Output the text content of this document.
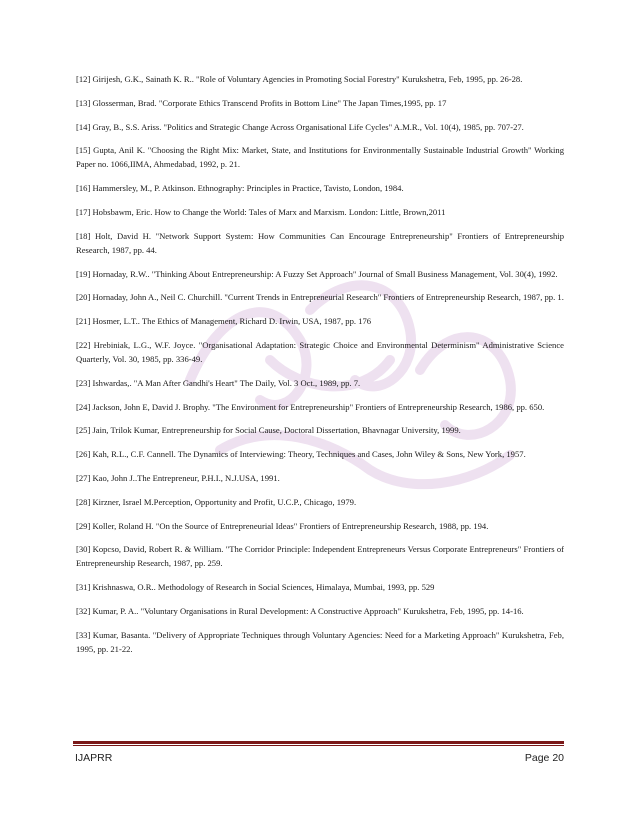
[12] Girijesh, G.K., Sainath K. R.. "Role of Voluntary Agencies in Promoting Social Forestry" Kurukshetra, Feb, 1995, pp. 26-28.

[13] Glosserman, Brad. "Corporate Ethics Transcend Profits in Bottom Line" The Japan Times,1995, pp. 17

[14] Gray, B., S.S. Ariss. "Politics and Strategic Change Across Organisational Life Cycles" A.M.R., Vol. 10(4), 1985, pp. 707-27.

[15] Gupta, Anil K. "Choosing the Right Mix: Market, State, and Institutions for Environmentally Sustainable Industrial Growth" Working Paper no. 1066,IIMA, Ahmedabad, 1992, p. 21.

[16] Hammersley, M., P. Atkinson. Ethnography: Principles in Practice, Tavisto, London, 1984.

[17] Hobsbawm, Eric. How to Change the World: Tales of Marx and Marxism. London: Little, Brown,2011

[18] Holt, David H. "Network Support System: How Communities Can Encourage Entrepreneurship" Frontiers of Entrepreneurship Research, 1987, pp. 44.

[19] Hornaday, R.W.. "Thinking About Entrepreneurship: A Fuzzy Set Approach" Journal of Small Business Management, Vol. 30(4), 1992.

[20] Hornaday, John A., Neil C. Churchill. "Current Trends in Entrepreneurial Research" Frontiers of Entrepreneurship Research, 1987, pp. 1.

[21] Hosmer, L.T.. The Ethics of Management, Richard D. Irwin, USA, 1987, pp. 176

[22] Hrebiniak, L.G., W.F. Joyce. "Organisational Adaptation: Strategic Choice and Environmental Determinism" Administrative Science Quarterly, Vol. 30, 1985, pp. 336-49.

[23] Ishwardas,. "A Man After Gandhi's Heart" The Daily, Vol. 3 Oct., 1989, pp. 7.

[24] Jackson, John E, David J. Brophy. "The Environment for Entrepreneurship" Frontiers of Entrepreneurship Research, 1986, pp. 650.

[25] Jain, Trilok Kumar, Entrepreneurship for Social Cause, Doctoral Dissertation, Bhavnagar University, 1999.

[26] Kah, R.L., C.F. Cannell. The Dynamics of Interviewing: Theory, Techniques and Cases, John Wiley & Sons, New York, 1957.

[27] Kao, John J..The Entrepreneur, P.H.I., N.J.USA, 1991.

[28] Kirzner, Israel M.Perception, Opportunity and Profit, U.C.P., Chicago, 1979.

[29] Koller, Roland H. "On the Source of Entrepreneurial Ideas" Frontiers of Entrepreneurship Research, 1988, pp. 194.

[30] Kopcso, David, Robert R. & William. "The Corridor Principle: Independent Entrepreneurs Versus Corporate Entrepreneurs" Frontiers of Entrepreneurship Research, 1987, pp. 259.

[31] Krishnaswa, O.R.. Methodology of Research in Social Sciences, Himalaya, Mumbai, 1993, pp. 529

[32] Kumar, P. A.. "Voluntary Organisations in Rural Development: A Constructive Approach" Kurukshetra, Feb, 1995, pp. 14-16.

[33] Kumar, Basanta. "Delivery of Appropriate Techniques through Voluntary Agencies: Need for a Marketing Approach" Kurukshetra, Feb, 1995, pp. 21-22.

IJAPRR	Page 20
